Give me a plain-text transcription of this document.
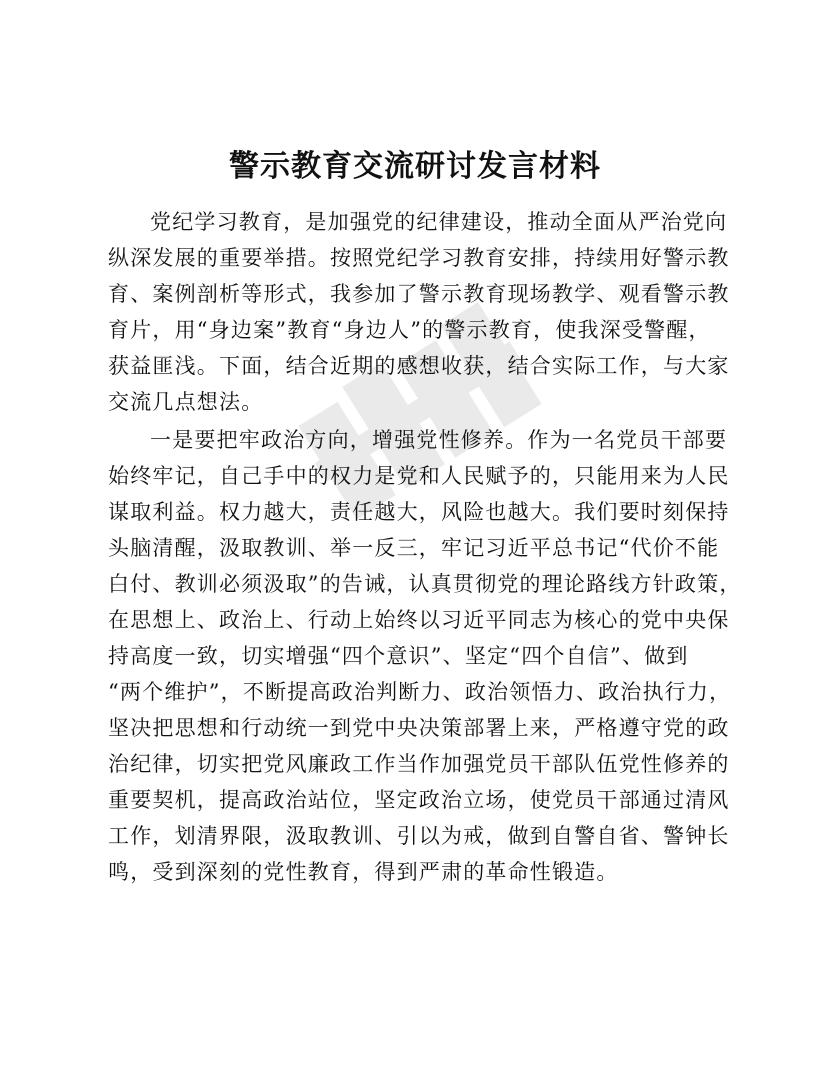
警示教育交流研讨发言材料
党纪学习教育，是加强党的纪律建设，推动全面从严治党向
纵深发展的重要举措。按照党纪学习教育安排，持续用好警示教
育、案例剖析等形式，我参加了警示教育现场教学、观看警示教
育片，用“身边案”教育“身边人”的警示教育，使我深受警醒，
获益匪浅。下面，结合近期的感想收获，结合实际工作，与大家
交流几点想法。
一是要把牢政治方向，增强党性修养。作为一名党员干部要
始终牢记，自己手中的权力是党和人民赋予的，只能用来为人民
谋取利益。权力越大，责任越大，风险也越大。我们要时刻保持
头脑清醒，汲取教训、举一反三，牢记习近平总书记“代价不能
白付、教训必须汲取”的告诫，认真贯彻党的理论路线方针政策，
在思想上、政治上、行动上始终以习近平同志为核心的党中央保
持高度一致，切实增强“四个意识”、坚定“四个自信”、做到
“两个维护”，不断提高政治判断力、政治领悟力、政治执行力，
坚决把思想和行动统一到党中央决策部署上来，严格遵守党的政
治纪律，切实把党风廉政工作当作加强党员干部队伍党性修养的
重要契机，提高政治站位，坚定政治立场，使党员干部通过清风
工作，划清界限，汲取教训、引以为戒，做到自警自省、警钟长
鸣，受到深刻的党性教育，得到严肃的革命性锻造。
